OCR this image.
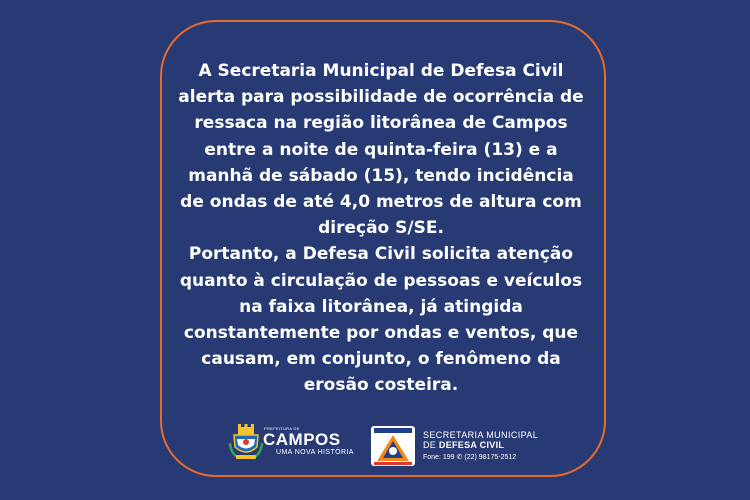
A Secretaria Municipal de Defesa Civil alerta para possibilidade de ocorrência de ressaca na região litorânea de Campos entre a noite de quinta-feira (13) e a manhã de sábado (15), tendo incidência de ondas de até 4,0 metros de altura com direção S/SE.

Portanto, a Defesa Civil solicita atenção quanto à circulação de pessoas e veículos na faixa litorânea, já atingida constantemente por ondas e ventos, que causam, em conjunto, o fenômeno da erosão costeira.

PREFEITURA DE
CAMPOS
UMA NOVA HISTÓRIA
SECRETARIA MUNICIPAL
DE DEFESA CIVIL
Fone: 199 ✆ (22) 98175-2512
